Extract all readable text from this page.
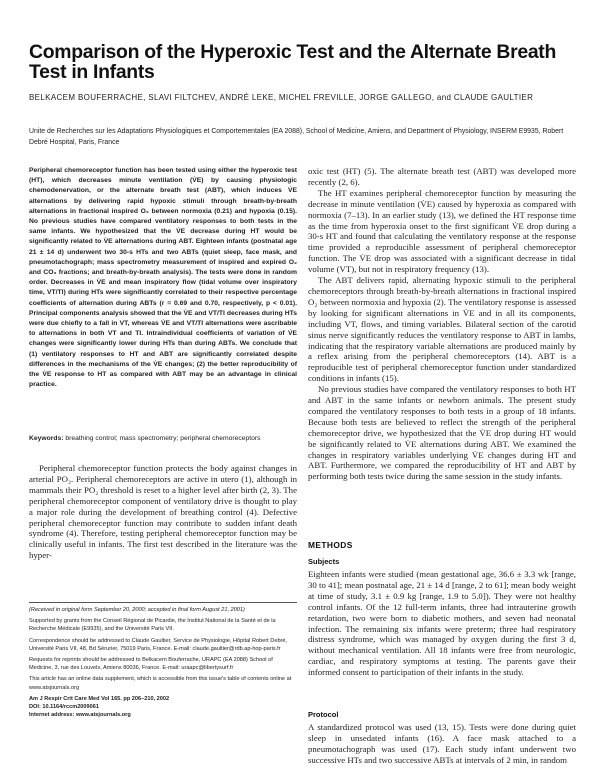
Comparison of the Hyperoxic Test and the Alternate Breath Test in Infants
BELKACEM BOUFERRACHE, SLAVI FILTCHEV, ANDRÉ LEKE, MICHEL FREVILLE, JORGE GALLEGO, and CLAUDE GAULTIER
Unite de Recherches sur les Adaptations Physiologiques et Comportementales (EA 2088), School of Medicine, Amiens, and Department of Physiology, INSERM E9935, Robert Debré Hospital, Paris, France
Peripheral chemoreceptor function has been tested using either the hyperoxic test (HT), which decreases minute ventilation (V̇E) by causing physiologic chemodenervation, or the alternate breath test (ABT), which induces V̇E alternations by delivering rapid hypoxic stimuli through breath-by-breath alternations in fractional inspired O₂ between normoxia (0.21) and hypoxia (0.15). No previous studies have compared ventilatory responses to both tests in the same infants. We hypothesized that the V̇E decrease during HT would be significantly related to V̇E alternations during ABT. Eighteen infants (postnatal age 21 ± 14 d) underwent two 30-s HTs and two ABTs (quiet sleep, face mask, and pneumotachograph; mass spectrometry measurement of inspired and expired O₂ and CO₂ fractions; and breath-by-breath analysis). The tests were done in random order. Decreases in V̇E and mean inspiratory flow (tidal volume over inspiratory time, VT/TI) during HTs were significantly correlated to their respective percentage coefficients of alternation during ABTs (r = 0.69 and 0.70, respectively, p < 0.01). Principal components analysis showed that the V̇E and VT/TI decreases during HTs were due chiefly to a fall in VT, whereas V̇E and VT/TI alternations were ascribable to alternations in both VT and TI. Intraindividual coefficients of variation of V̇E changes were significantly lower during HTs than during ABTs. We conclude that (1) ventilatory responses to HT and ABT are significantly correlated despite differences in the mechanisms of the V̇E changes; (2) the better reproducibility of the V̇E response to HT as compared with ABT may be an advantage in clinical practice.
Keywords: breathing control; mass spectrometry; peripheral chemoreceptors

Peripheral chemoreceptor function protects the body against changes in arterial PO₂. Peripheral chemoreceptors are active in utero (1), although in mammals their PO₂ threshold is reset to a higher level after birth (2, 3). The peripheral chemoreceptor component of ventilatory drive is thought to play a major role during the development of breathing control (4). Defective peripheral chemoreceptor function may contribute to sudden infant death syndrome (4). Therefore, testing peripheral chemoreceptor function may be clinically useful in infants. The first test described in the literature was the hyper-

(Received in original form September 20, 2000; accepted in final form August 21, 2001)

Supported by grants from the Conseil Régional de Picardie, the Institut National de la Santé et de la Recherche Médicale (E9935), and the Université Paris VII.

Correspondence should be addressed to Claude Gaultier, Service de Physiologie, Hôpital Robert Debré, Université Paris VII, 48, Bd Sérurier, 75019 Paris, France. E-mail: claude.gaultier@rdb.ap-hop-paris.fr

Requests for reprints should be addressed to Belkacem Bouferrache, URAPC (EA 2088) School of Medicine, 3, rue des Louvels, Amiens 80036, France. E-mail: uraapc@libertysurf.fr

This article has an online data supplement, which is accessible from this issue's table of contents online at www.atsjournals.org

Am J Respir Crit Care Med Vol 165. pp 206–210, 2002
DOI: 10.1164/rccm2009061
Internet address: www.atsjournals.org

oxic test (HT) (5). The alternate breath test (ABT) was developed more recently (2, 6).

The HT examines peripheral chemoreceptor function by measuring the decrease in minute ventilation (V̇E) caused by hyperoxia as compared with normoxia (7–13). In an earlier study (13), we defined the HT response time as the time from hyperoxia onset to the first significant V̇E drop during a 30-s HT and found that calculating the ventilatory response at the response time provided a reproducible assessment of peripheral chemoreceptor function. The V̇E drop was associated with a significant decrease in tidal volume (VT), but not in respiratory frequency (13).

The ABT delivers rapid, alternating hypoxic stimuli to the peripheral chemoreceptors through breath-by-breath alternations in fractional inspired O₂ between normoxia and hypoxia (2). The ventilatory response is assessed by looking for significant alternations in V̇E and in all its components, including VT, flows, and timing variables. Bilateral section of the carotid sinus nerve significantly reduces the ventilatory response to ABT in lambs, indicating that the respiratory variable alternations are produced mainly by a reflex arising from the peripheral chemoreceptors (14). ABT is a reproducible test of peripheral chemoreceptor function under standardized conditions in infants (15).

No previous studies have compared the ventilatory responses to both HT and ABT in the same infants or newborn animals. The present study compared the ventilatory responses to both tests in a group of 18 infants. Because both tests are believed to reflect the strength of the peripheral chemoreceptor drive, we hypothesized that the V̇E drop during HT would be significantly related to V̇E alternations during ABT. We examined the changes in respiratory variables underlying V̇E changes during HT and ABT. Furthermore, we compared the reproducibility of HT and ABT by performing both tests twice during the same session in the study infants.

METHODS
Subjects

Eighteen infants were studied (mean gestational age, 36.6 ± 3.3 wk [range, 30 to 41]; mean postnatal age, 21 ± 14 d [range, 2 to 61]; mean body weight at time of study, 3.1 ± 0.9 kg [range, 1.9 to 5.0]). They were not healthy control infants. Of the 12 full-term infants, three had intrauterine growth retardation, two were born to diabetic mothers, and seven had neonatal infection. The remaining six infants were preterm; three had respiratory distress syndrome, which was managed by oxygen during the first 3 d, without mechanical ventilation. All 18 infants were free from neurologic, cardiac, and respiratory symptoms at testing. The parents gave their informed consent to participation of their infants in the study.

Protocol

A standardized protocol was used (13, 15). Tests were done during quiet sleep in unsedated infants (16). A face mask attached to a pneumotachograph was used (17). Each study infant underwent two successive HTs and two successive ABTs at intervals of 2 min, in random
